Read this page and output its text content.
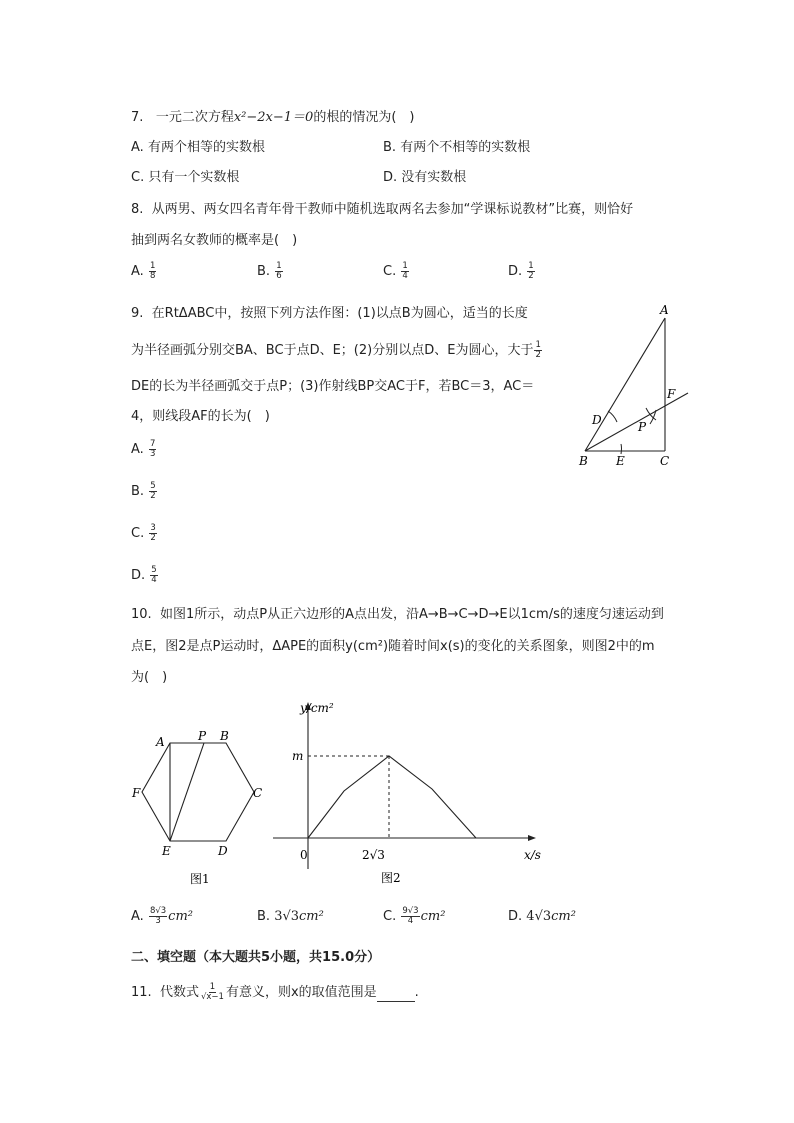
7. 一元二次方程x²−2x−1＝0的根的情况为(　)
A. 有两个相等的实数根	B. 有两个不相等的实数根
C. 只有一个实数根	D. 没有实数根
8. 从两男、两女四名青年骨干教师中随机选取两名去参加“学课标说教材”比赛，则恰好
抽到两名女教师的概率是(　)
A. $\frac{1}{8}$	B. $\frac{1}{6}$	C. $\frac{1}{4}$	D. $\frac{1}{2}$
9. 在RtΔABC中，按照下列方法作图：(1)以点B为圆心，适当的长度
为半径画弧分别交BA、BC于点D、E；(2)分别以点D、E为圆心，大于 $\frac{1}{2}$
DE的长为半径画弧交于点P；(3)作射线BP交AC于F，若BC＝3，AC＝
4，则线段AF的长为(　)
A. $\frac{7}{3}$
B. $\frac{5}{2}$
C. $\frac{3}{2}$
D. $\frac{5}{4}$
A
B	C
D
E
F
P
10. 如图1所示，动点P从正六边形的A点出发，沿A→B→C→D→E以1cm/s的速度匀速运动到
点E，图2是点P运动时，ΔAPE的面积y(cm²)随着时间x(s)的变化的关系图象，则图2中的m
为(　)
A	P B
C
D
E
F
图1
y/cm²
x/s
m
0	2√3
图2
A. $\frac{8√3}{3} cm^2$	B. 3√3cm²	C. $\frac{9√3}{4} cm^2$	D. 4√3cm²
二、填空题（本大题共5小题，共15.0分）
11. 代数式 $\frac{1}{√x-1}$ 有意义，则x的取值范围是	.
